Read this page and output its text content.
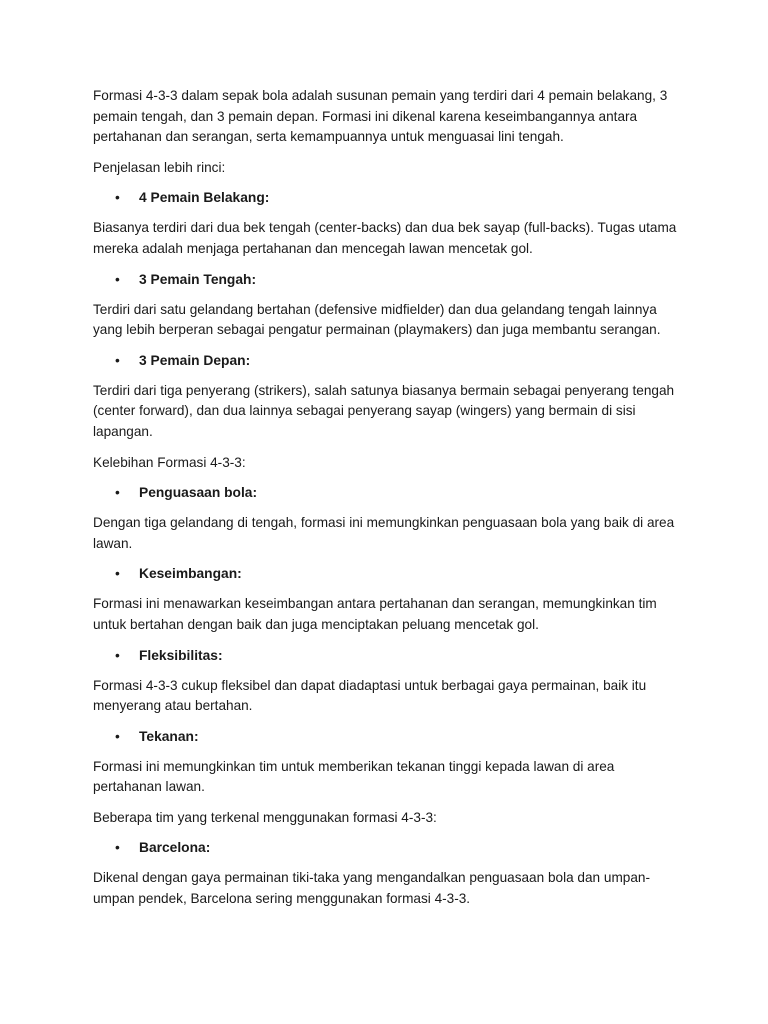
Formasi 4-3-3 dalam sepak bola adalah susunan pemain yang terdiri dari 4 pemain belakang, 3 pemain tengah, dan 3 pemain depan. Formasi ini dikenal karena keseimbangannya antara pertahanan dan serangan, serta kemampuannya untuk menguasai lini tengah.

Penjelasan lebih rinci:

• 4 Pemain Belakang:

Biasanya terdiri dari dua bek tengah (center-backs) dan dua bek sayap (full-backs). Tugas utama mereka adalah menjaga pertahanan dan mencegah lawan mencetak gol.

• 3 Pemain Tengah:

Terdiri dari satu gelandang bertahan (defensive midfielder) dan dua gelandang tengah lainnya yang lebih berperan sebagai pengatur permainan (playmakers) dan juga membantu serangan.

• 3 Pemain Depan:

Terdiri dari tiga penyerang (strikers), salah satunya biasanya bermain sebagai penyerang tengah (center forward), dan dua lainnya sebagai penyerang sayap (wingers) yang bermain di sisi lapangan.

Kelebihan Formasi 4-3-3:

• Penguasaan bola:

Dengan tiga gelandang di tengah, formasi ini memungkinkan penguasaan bola yang baik di area lawan.

• Keseimbangan:

Formasi ini menawarkan keseimbangan antara pertahanan dan serangan, memungkinkan tim untuk bertahan dengan baik dan juga menciptakan peluang mencetak gol.

• Fleksibilitas:

Formasi 4-3-3 cukup fleksibel dan dapat diadaptasi untuk berbagai gaya permainan, baik itu menyerang atau bertahan.

• Tekanan:

Formasi ini memungkinkan tim untuk memberikan tekanan tinggi kepada lawan di area pertahanan lawan.

Beberapa tim yang terkenal menggunakan formasi 4-3-3:

• Barcelona:

Dikenal dengan gaya permainan tiki-taka yang mengandalkan penguasaan bola dan umpan-umpan pendek, Barcelona sering menggunakan formasi 4-3-3.
